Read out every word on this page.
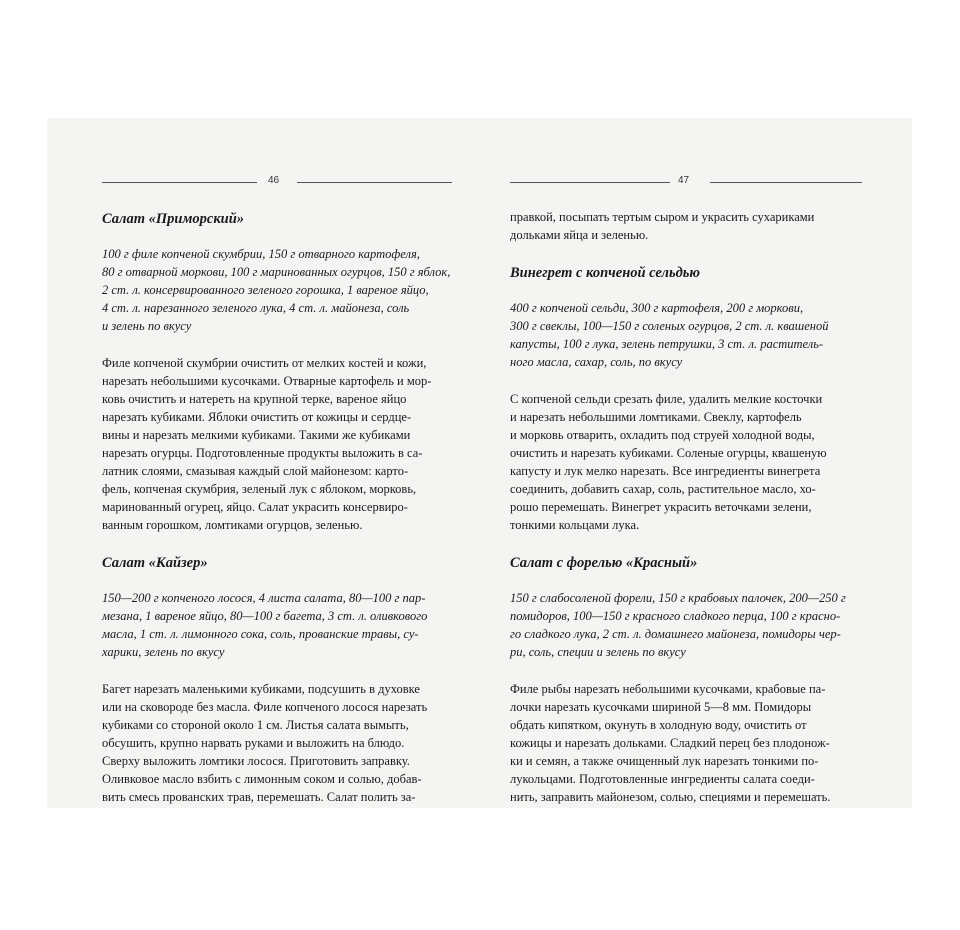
46
Салат «Приморский»

100 г филе копченой скумбрии, 150 г отварного картофеля,
80 г отварной моркови, 100 г маринованных огурцов, 150 г яблок,
2 ст. л. консервированного зеленого горошка, 1 вареное яйцо,
4 ст. л. нарезанного зеленого лука, 4 ст. л. майонеза, соль
и зелень по вкусу

Филе копченой скумбрии очистить от мелких костей и кожи,
нарезать небольшими кусочками. Отварные картофель и мор-
ковь очистить и натереть на крупной терке, вареное яйцо
нарезать кубиками. Яблоки очистить от кожицы и сердце-
вины и нарезать мелкими кубиками. Такими же кубиками
нарезать огурцы. Подготовленные продукты выложить в са-
латник слоями, смазывая каждый слой майонезом: карто-
фель, копченая скумбрия, зеленый лук с яблоком, морковь,
маринованный огурец, яйцо. Салат украсить консервиро-
ванным горошком, ломтиками огурцов, зеленью.

Салат «Кайзер»

150—200 г копченого лосося, 4 листа салата, 80—100 г пар-
мезана, 1 вареное яйцо, 80—100 г багета, 3 ст. л. оливкового
масла, 1 ст. л. лимонного сока, соль, прованские травы, су-
харики, зелень по вкусу

Багет нарезать маленькими кубиками, подсушить в духовке
или на сковороде без масла. Филе копченого лосося нарезать
кубиками со стороной около 1 см. Листья салата вымыть,
обсушить, крупно нарвать руками и выложить на блюдо.
Сверху выложить ломтики лосося. Приготовить заправку.
Оливковое масло взбить с лимонным соком и солью, добав-
вить смесь прованских трав, перемешать. Салат полить за-

47

правкой, посыпать тертым сыром и украсить сухариками
дольками яйца и зеленью.

Винегрет с копченой сельдью

400 г копченой сельди, 300 г картофеля, 200 г моркови,
300 г свеклы, 100—150 г соленых огурцов, 2 ст. л. квашеной
капусты, 100 г лука, зелень петрушки, 3 ст. л. раститель-
ного масла, сахар, соль, по вкусу

С копченой сельди срезать филе, удалить мелкие косточки
и нарезать небольшими ломтиками. Свеклу, картофель
и морковь отварить, охладить под струей холодной воды,
очистить и нарезать кубиками. Соленые огурцы, квашеную
капусту и лук мелко нарезать. Все ингредиенты винегрета
соединить, добавить сахар, соль, растительное масло, хо-
рошо перемешать. Винегрет украсить веточками зелени,
тонкими кольцами лука.

Салат с форелью «Красный»

150 г слабосоленой форели, 150 г крабовых палочек, 200—250 г
помидоров, 100—150 г красного сладкого перца, 100 г красно-
го сладкого лука, 2 ст. л. домашнего майонеза, помидоры чер-
ри, соль, специи и зелень по вкусу

Филе рыбы нарезать небольшими кусочками, крабовые па-
лочки нарезать кусочками шириной 5—8 мм. Помидоры
обдать кипятком, окунуть в холодную воду, очистить от
кожицы и нарезать дольками. Сладкий перец без плодонож-
ки и семян, а также очищенный лук нарезать тонкими по-
лукольцами. Подготовленные ингредиенты салата соеди-
нить, заправить майонезом, солью, специями и перемешать.
